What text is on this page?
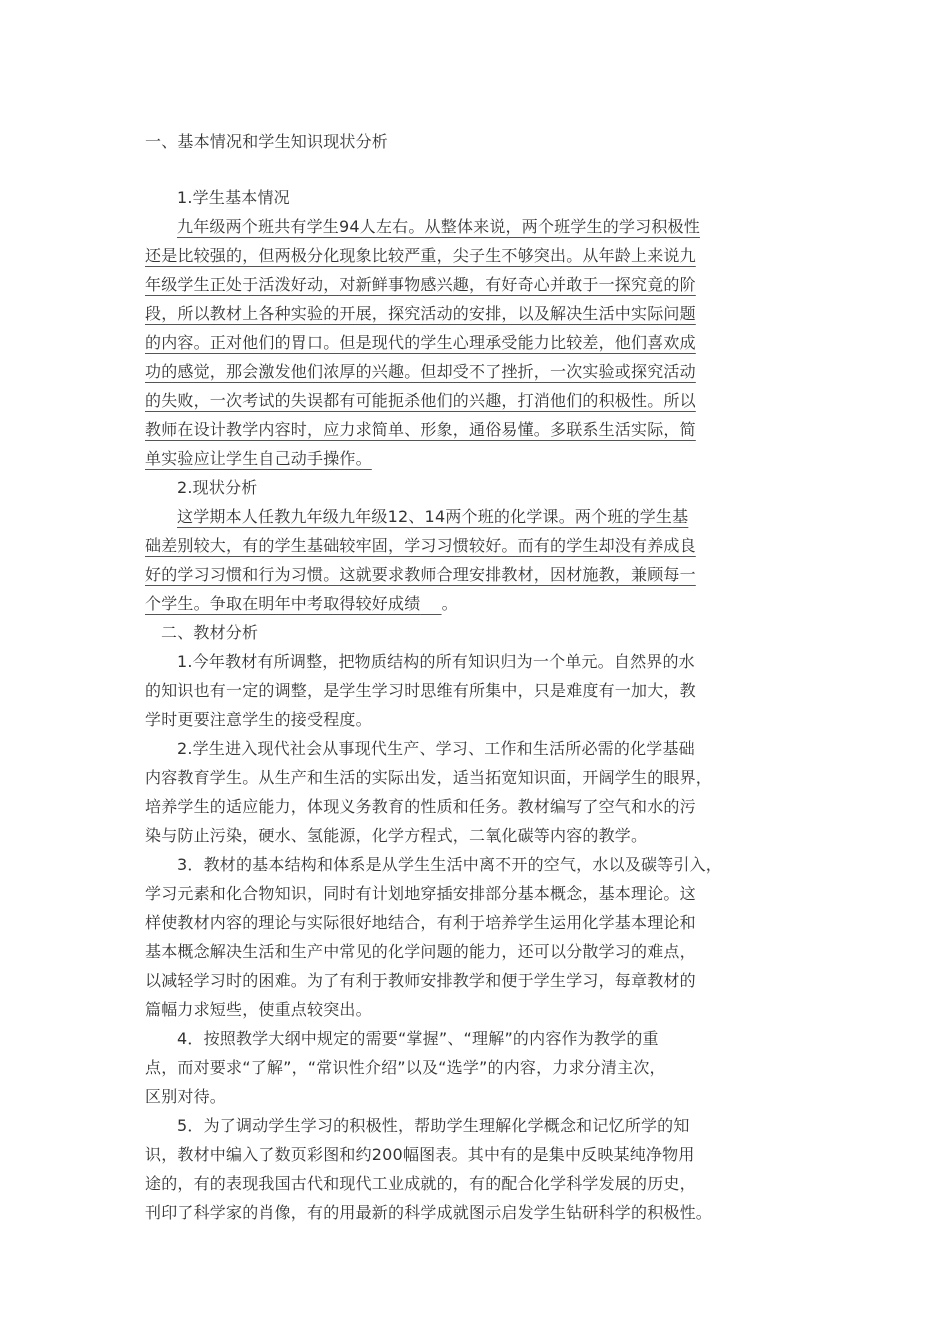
一、基本情况和学生知识现状分析
1.学生基本情况
九年级两个班共有学生94人左右。从整体来说，两个班学生的学习积极性
还是比较强的，但两极分化现象比较严重，尖子生不够突出。从年龄上来说九
年级学生正处于活泼好动，对新鲜事物感兴趣，有好奇心并敢于一探究竟的阶
段，所以教材上各种实验的开展，探究活动的安排，以及解决生活中实际问题
的内容。正对他们的胃口。但是现代的学生心理承受能力比较差，他们喜欢成
功的感觉，那会激发他们浓厚的兴趣。但却受不了挫折，一次实验或探究活动
的失败，一次考试的失误都有可能扼杀他们的兴趣，打消他们的积极性。所以
教师在设计教学内容时，应力求简单、形象，通俗易懂。多联系生活实际，简
单实验应让学生自己动手操作。
2.现状分析
这学期本人任教九年级九年级12、14两个班的化学课。两个班的学生基
础差别较大，有的学生基础较牢固，学习习惯较好。而有的学生却没有养成良
好的学习习惯和行为习惯。这就要求教师合理安排教材，因材施教，兼顾每一
个学生。争取在明年中考取得较好成绩 。
二、教材分析
1.今年教材有所调整，把物质结构的所有知识归为一个单元。自然界的水
的知识也有一定的调整，是学生学习时思维有所集中，只是难度有一加大，教
学时更要注意学生的接受程度。
2.学生进入现代社会从事现代生产、学习、工作和生活所必需的化学基础
内容教育学生。从生产和生活的实际出发，适当拓宽知识面，开阔学生的眼界，
培养学生的适应能力，体现义务教育的性质和任务。教材编写了空气和水的污
染与防止污染，硬水、氢能源，化学方程式，二氧化碳等内容的教学。
3．教材的基本结构和体系是从学生生活中离不开的空气，水以及碳等引入，
学习元素和化合物知识，同时有计划地穿插安排部分基本概念，基本理论。这
样使教材内容的理论与实际很好地结合，有利于培养学生运用化学基本理论和
基本概念解决生活和生产中常见的化学问题的能力，还可以分散学习的难点，
以减轻学习时的困难。为了有利于教师安排教学和便于学生学习，每章教材的
篇幅力求短些，使重点较突出。
4．按照教学大纲中规定的需要“掌握”、“理解”的内容作为教学的重
点，而对要求“了解”，“常识性介绍”以及“选学”的内容，力求分清主次，
区别对待。
5．为了调动学生学习的积极性，帮助学生理解化学概念和记忆所学的知
识，教材中编入了数页彩图和约200幅图表。其中有的是集中反映某纯净物用
途的，有的表现我国古代和现代工业成就的，有的配合化学科学发展的历史，
刊印了科学家的肖像，有的用最新的科学成就图示启发学生钻研科学的积极性。
